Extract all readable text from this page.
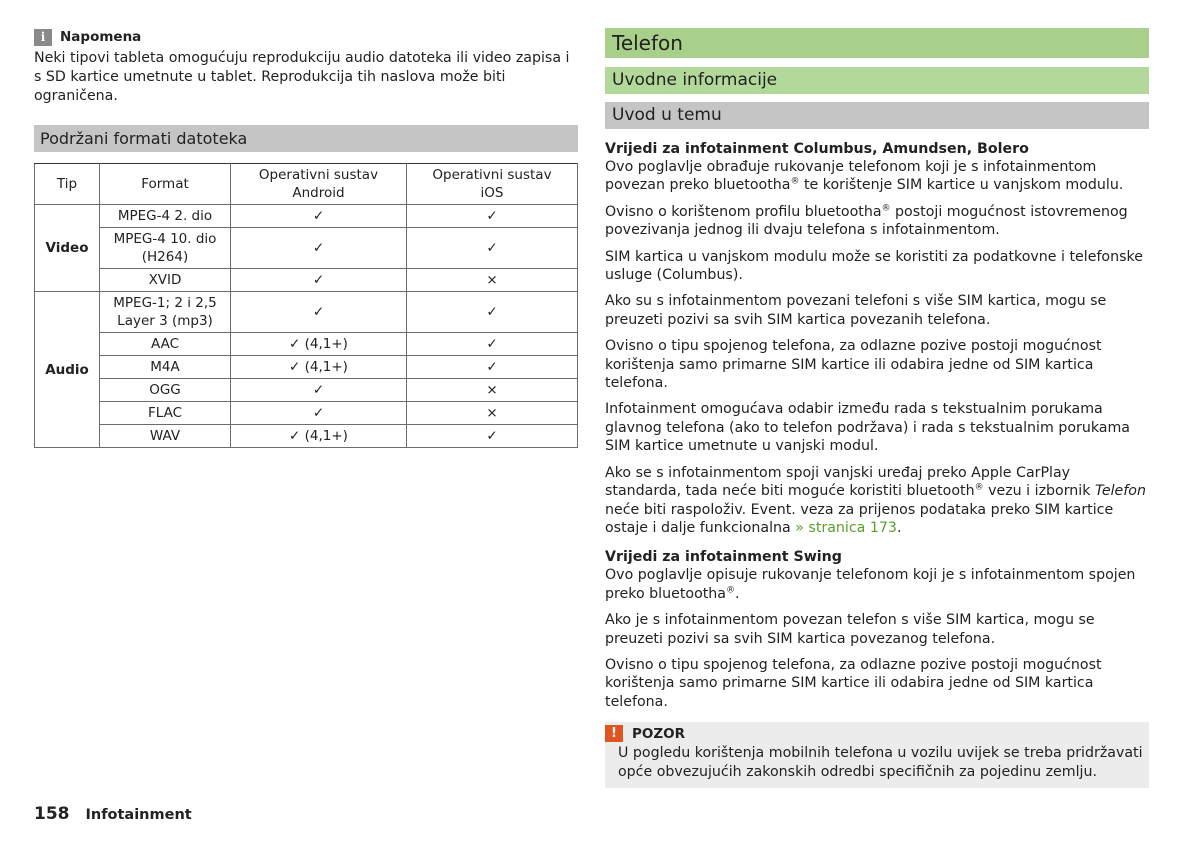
i	Napomena
Neki tipovi tableta omogućuju reprodukciju audio datoteka ili video zapisa i s SD kartice umetnute u tablet. Reprodukcija tih naslova može biti ograničena.
Podržani formati datoteka
Tip	Format	Operativni sustav Android	Operativni sustav iOS
Video	MPEG-4 2. dio	✓	✓
	MPEG-4 10. dio (H264)	✓	✓
	XVID	✓	×
Audio	MPEG-1; 2 i 2,5 Layer 3 (mp3)	✓	✓
	AAC	✓ (4,1+)	✓
	M4A	✓ (4,1+)	✓
	OGG	✓	×
	FLAC	✓	×
	WAV	✓ (4,1+)	✓
Telefon
Uvodne informacije
Uvod u temu
Vrijedi za infotainment Columbus, Amundsen, Bolero
Ovo poglavlje obrađuje rukovanje telefonom koji je s infotainmentom povezan preko bluetootha® te korištenje SIM kartice u vanjskom modulu.
Ovisno o korištenom profilu bluetootha® postoji mogućnost istovremenog povezivanja jednog ili dvaju telefona s infotainmentom.
SIM kartica u vanjskom modulu može se koristiti za podatkovne i telefonske usluge (Columbus).
Ako su s infotainmentom povezani telefoni s više SIM kartica, mogu se preuzeti pozivi sa svih SIM kartica povezanih telefona.
Ovisno o tipu spojenog telefona, za odlazne pozive postoji mogućnost korištenja samo primarne SIM kartice ili odabira jedne od SIM kartica telefona.
Infotainment omogućava odabir između rada s tekstualnim porukama glavnog telefona (ako to telefon podržava) i rada s tekstualnim porukama SIM kartice umetnute u vanjski modul.
Ako se s infotainmentom spoji vanjski uređaj preko Apple CarPlay standarda, tada neće biti moguće koristiti bluetooth® vezu i izbornik Telefon neće biti raspoloživ. Event. veza za prijenos podataka preko SIM kartice ostaje i dalje funkcionalna » stranica 173.
Vrijedi za infotainment Swing
Ovo poglavlje opisuje rukovanje telefonom koji je s infotainmentom spojen preko bluetootha®.
Ako je s infotainmentom povezan telefon s više SIM kartica, mogu se preuzeti pozivi sa svih SIM kartica povezanog telefona.
Ovisno o tipu spojenog telefona, za odlazne pozive postoji mogućnost korištenja samo primarne SIM kartice ili odabira jedne od SIM kartica telefona.
!	POZOR
U pogledu korištenja mobilnih telefona u vozilu uvijek se treba pridržavati opće obvezujućih zakonskih odredbi specifičnih za pojedinu zemlju.
158 Infotainment
